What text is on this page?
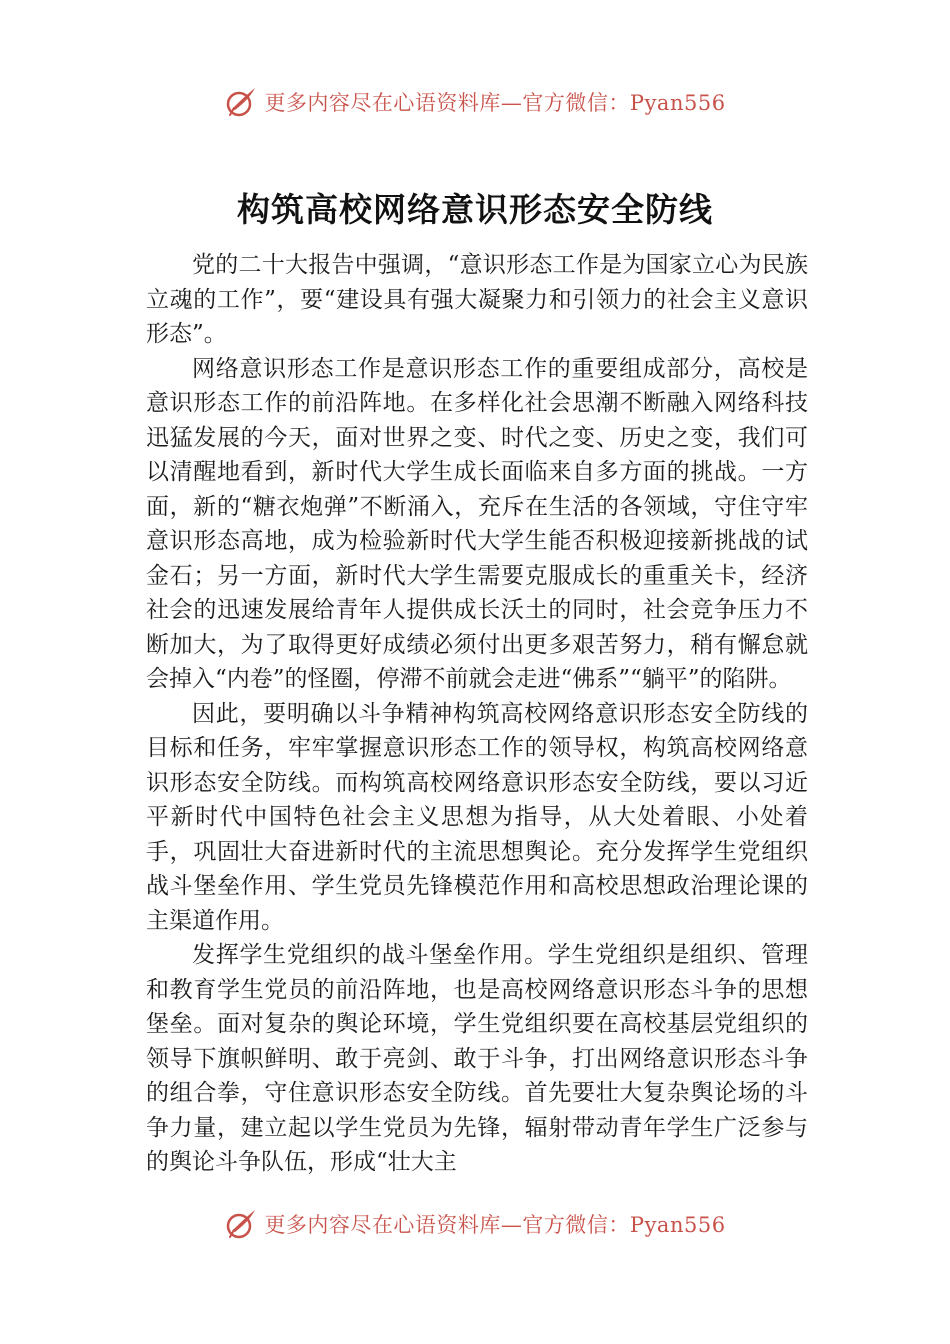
更多内容尽在心语资料库—官方微信：Pyan556
构筑高校网络意识形态安全防线

党的二十大报告中强调，“意识形态工作是为国家立心为民族立魂的工作”，要“建设具有强大凝聚力和引领力的社会主义意识形态”。

网络意识形态工作是意识形态工作的重要组成部分，高校是意识形态工作的前沿阵地。在多样化社会思潮不断融入网络科技迅猛发展的今天，面对世界之变、时代之变、历史之变，我们可以清醒地看到，新时代大学生成长面临来自多方面的挑战。一方面，新的“糖衣炮弹”不断涌入，充斥在生活的各领域，守住守牢意识形态高地，成为检验新时代大学生能否积极迎接新挑战的试金石；另一方面，新时代大学生需要克服成长的重重关卡，经济社会的迅速发展给青年人提供成长沃土的同时，社会竞争压力不断加大，为了取得更好成绩必须付出更多艰苦努力，稍有懈怠就会掉入“内卷”的怪圈，停滞不前就会走进“佛系”“躺平”的陷阱。

因此，要明确以斗争精神构筑高校网络意识形态安全防线的目标和任务，牢牢掌握意识形态工作的领导权，构筑高校网络意识形态安全防线。而构筑高校网络意识形态安全防线，要以习近平新时代中国特色社会主义思想为指导，从大处着眼、小处着手，巩固壮大奋进新时代的主流思想舆论。充分发挥学生党组织战斗堡垒作用、学生党员先锋模范作用和高校思想政治理论课的主渠道作用。

发挥学生党组织的战斗堡垒作用。学生党组织是组织、管理和教育学生党员的前沿阵地，也是高校网络意识形态斗争的思想堡垒。面对复杂的舆论环境，学生党组织要在高校基层党组织的领导下旗帜鲜明、敢于亮剑、敢于斗争，打出网络意识形态斗争的组合拳，守住意识形态安全防线。首先要壮大复杂舆论场的斗争力量，建立起以学生党员为先锋，辐射带动青年学生广泛参与的舆论斗争队伍，形成“壮大主

更多内容尽在心语资料库—官方微信：Pyan556
